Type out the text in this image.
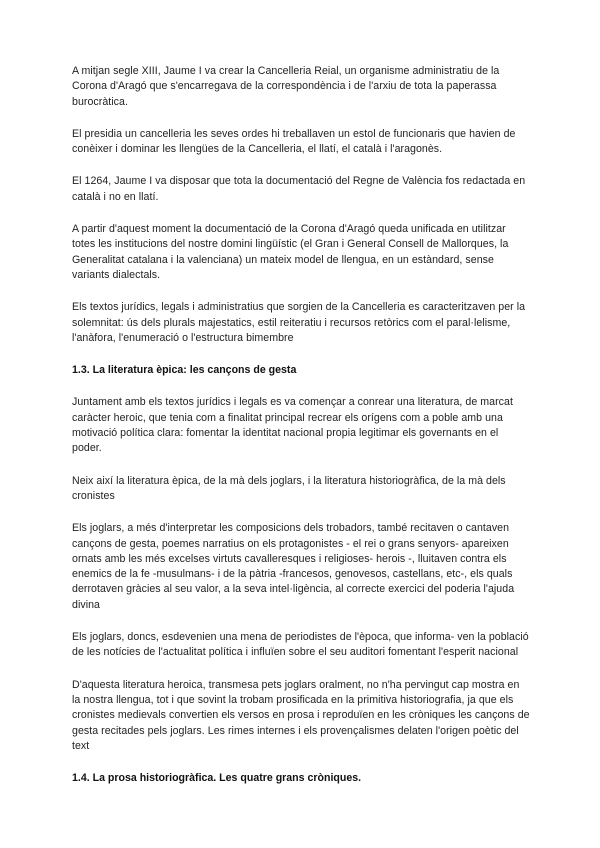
A mitjan segle XIII, Jaume I va crear la Cancelleria Reial, un organisme administratiu de la Corona d'Aragó que s'encarregava de la correspondència i de l'arxiu de tota la paperassa burocràtica.

El presidia un cancelleria les seves ordes hi treballaven un estol de funcionaris que havien de conèixer i dominar les llengües de la Cancelleria, el llatí, el català i l'aragonès.

El 1264, Jaume I va disposar que tota la documentació del Regne de València fos redactada en català i no en llatí.

A partir d'aquest moment la documentació de la Corona d'Aragó queda unificada en utilitzar totes les institucions del nostre domini lingüístic (el Gran i General Consell de Mallorques, la Generalitat catalana i la valenciana) un mateix model de llengua, en un estàndard, sense variants dialectals.

Els textos jurídics, legals i administratius que sorgien de la Cancelleria es caracteritzaven per la solemnitat: ús dels plurals majestatics, estil reiteratiu i recursos retòrics com el paral·lelisme, l'anàfora, l'enumeració o l'estructura bimembre

1.3. La literatura èpica: les cançons de gesta

Juntament amb els textos jurídics i legals es va començar a conrear una literatura, de marcat caràcter heroic, que tenia com a finalitat principal recrear els orígens com a poble amb una motivació política clara: fomentar la identitat nacional propia legitimar els governants en el poder.

Neix així la literatura èpica, de la mà dels joglars, i la literatura historiogràfica, de la mà dels cronistes

Els joglars, a més d'interpretar les composicions dels trobadors, també recitaven o cantaven cançons de gesta, poemes narratius on els protagonistes - el rei o grans senyors- apareixen ornats amb les més excelses virtuts cavalleresques i religioses- herois -, lluitaven contra els enemics de la fe -musulmans- i de la pàtria -francesos, genovesos, castellans, etc-, els quals derrotaven gràcies al seu valor, a la seva intel·ligència, al correcte exercici del poderia l'ajuda divina

Els joglars, doncs, esdevenien una mena de periodistes de l'època, que informa- ven la població de les notícies de l'actualitat política i influïen sobre el seu auditori fomentant l'esperit nacional

D'aquesta literatura heroica, transmesa pets joglars oralment, no n'ha pervingut cap mostra en la nostra llengua, tot i que sovint la trobam prosificada en la primitiva historiografia, ja que els cronistes medievals convertien els versos en prosa i reproduïen en les cròniques les cançons de gesta recitades pels joglars. Les rimes internes i els provençalismes delaten l'origen poètic del text

1.4. La prosa historiogràfica. Les quatre grans cròniques.
